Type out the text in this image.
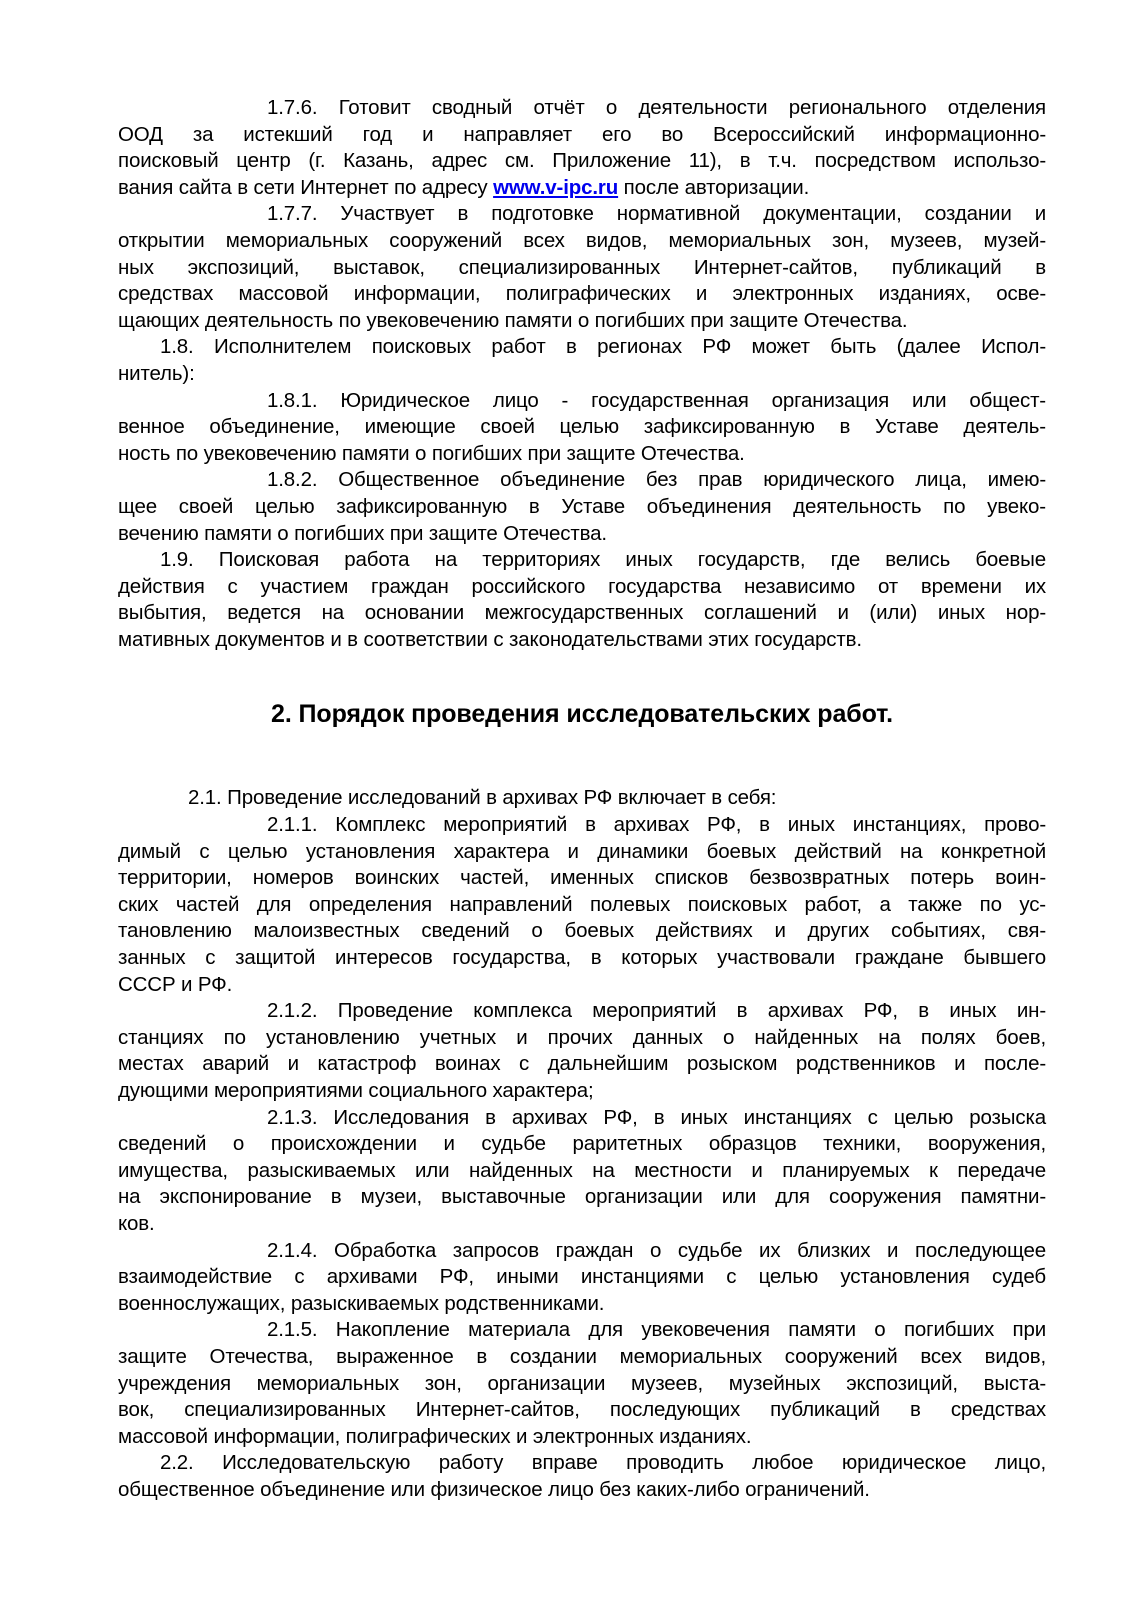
1.7.6. Готовит сводный отчёт о деятельности регионального отделения
ООД за истекший год и направляет его во Всероссийский информационно-
поисковый центр (г. Казань, адрес см. Приложение 11), в т.ч. посредством использо-
вания сайта в сети Интернет по адресу www.v-ipc.ru после авторизации.
1.7.7. Участвует в подготовке нормативной документации, создании и
открытии мемориальных сооружений всех видов, мемориальных зон, музеев, музей-
ных экспозиций, выставок, специализированных Интернет-сайтов, публикаций в
средствах массовой информации, полиграфических и электронных изданиях, осве-
щающих деятельность по увековечению памяти о погибших при защите Отечества.
1.8. Исполнителем поисковых работ в регионах РФ может быть (далее Испол-
нитель):
1.8.1. Юридическое лицо - государственная организация или общест-
венное объединение, имеющие своей целью зафиксированную в Уставе деятель-
ность по увековечению памяти о погибших при защите Отечества.
1.8.2. Общественное объединение без прав юридического лица, имею-
щее своей целью зафиксированную в Уставе объединения деятельность по увеко-
вечению памяти о погибших при защите Отечества.
1.9. Поисковая работа на территориях иных государств, где велись боевые
действия с участием граждан российского государства независимо от времени их
выбытия, ведется на основании межгосударственных соглашений и (или) иных нор-
мативных документов и в соответствии с законодательствами этих государств.
2. Порядок проведения исследовательских работ.
2.1. Проведение исследований в архивах РФ включает в себя:
2.1.1. Комплекс мероприятий в архивах РФ, в иных инстанциях, прово-
димый с целью установления характера и динамики боевых действий на конкретной
территории, номеров воинских частей, именных списков безвозвратных потерь воин-
ских частей для определения направлений полевых поисковых работ, а также по ус-
тановлению малоизвестных сведений о боевых действиях и других событиях, свя-
занных с защитой интересов государства, в которых участвовали граждане бывшего
СССР и РФ.
2.1.2. Проведение комплекса мероприятий в архивах РФ, в иных ин-
станциях по установлению учетных и прочих данных о найденных на полях боев,
местах аварий и катастроф воинах с дальнейшим розыском родственников и после-
дующими мероприятиями социального характера;
2.1.3. Исследования в архивах РФ, в иных инстанциях с целью розыска
сведений о происхождении и судьбе раритетных образцов техники, вооружения,
имущества, разыскиваемых или найденных на местности и планируемых к передаче
на экспонирование в музеи, выставочные организации или для сооружения памятни-
ков.
2.1.4. Обработка запросов граждан о судьбе их близких и последующее
взаимодействие с архивами РФ, иными инстанциями с целью установления судеб
военнослужащих, разыскиваемых родственниками.
2.1.5. Накопление материала для увековечения памяти о погибших при
защите Отечества, выраженное в создании мемориальных сооружений всех видов,
учреждения мемориальных зон, организации музеев, музейных экспозиций, выста-
вок, специализированных Интернет-сайтов, последующих публикаций в средствах
массовой информации, полиграфических и электронных изданиях.
2.2. Исследовательскую работу вправе проводить любое юридическое лицо,
общественное объединение или физическое лицо без каких-либо ограничений.
